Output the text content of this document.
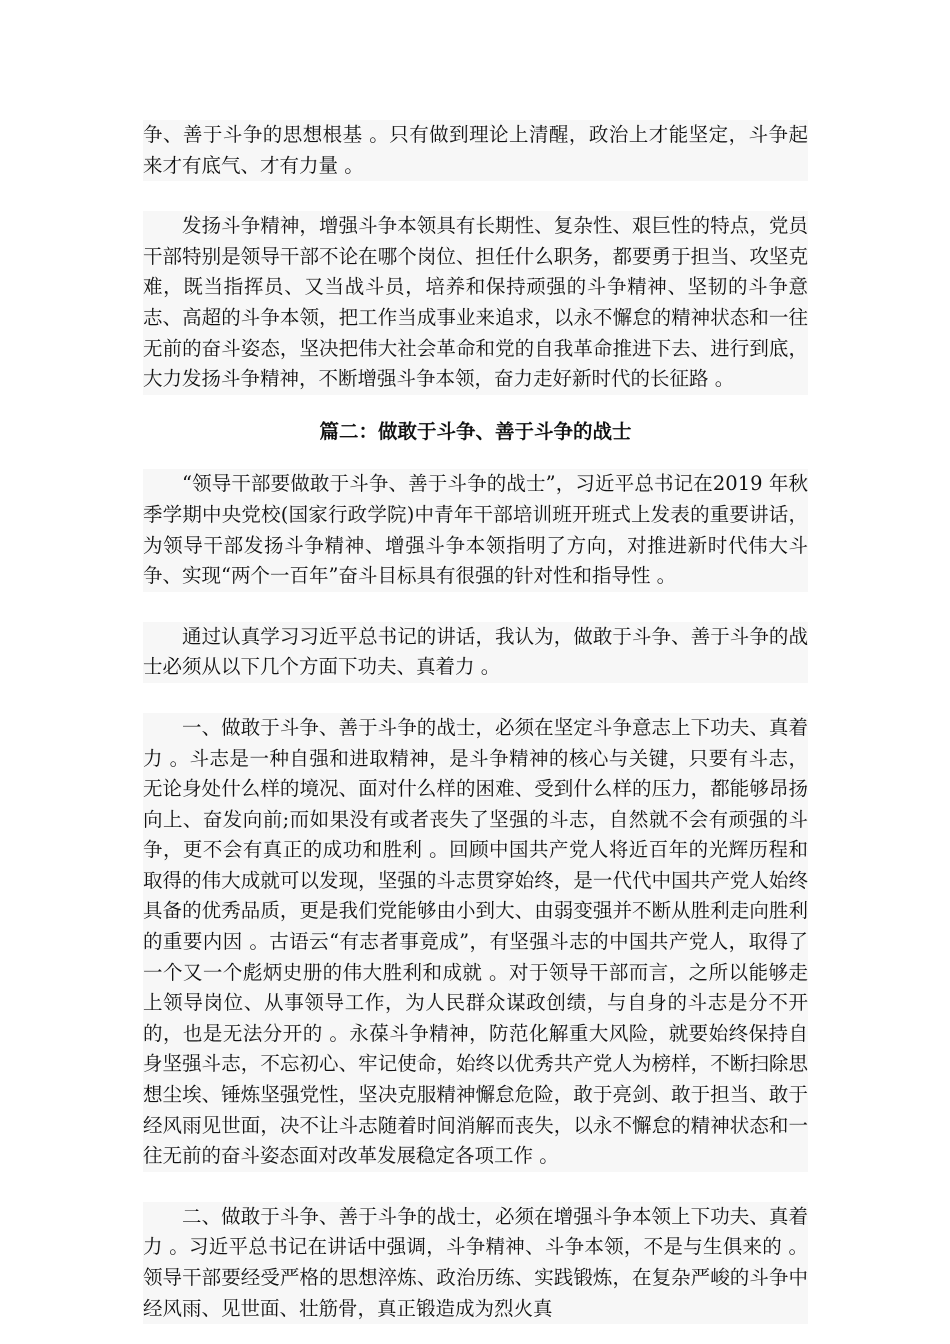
争、善于斗争的思想根基 。只有做到理论上清醒，政治上才能坚定，斗争起来才有底气、才有力量 。

发扬斗争精神，增强斗争本领具有长期性、复杂性、艰巨性的特点，党员干部特别是领导干部不论在哪个岗位、担任什么职务，都要勇于担当、攻坚克难，既当指挥员、又当战斗员，培养和保持顽强的斗争精神、坚韧的斗争意志、高超的斗争本领，把工作当成事业来追求，以永不懈怠的精神状态和一往无前的奋斗姿态，坚决把伟大社会革命和党的自我革命推进下去、进行到底，大力发扬斗争精神，不断增强斗争本领，奋力走好新时代的长征路 。

篇二：做敢于斗争、善于斗争的战士

“领导干部要做敢于斗争、善于斗争的战士”，习近平总书记在2019 年秋季学期中央党校(国家行政学院)中青年干部培训班开班式上发表的重要讲话，为领导干部发扬斗争精神、增强斗争本领指明了方向，对推进新时代伟大斗争、实现“两个一百年”奋斗目标具有很强的针对性和指导性 。

通过认真学习习近平总书记的讲话，我认为，做敢于斗争、善于斗争的战士必须从以下几个方面下功夫、真着力 。

一、做敢于斗争、善于斗争的战士，必须在坚定斗争意志上下功夫、真着力 。斗志是一种自强和进取精神，是斗争精神的核心与关键，只要有斗志，无论身处什么样的境况、面对什么样的困难、受到什么样的压力，都能够昂扬向上、奋发向前;而如果没有或者丧失了坚强的斗志，自然就不会有顽强的斗争，更不会有真正的成功和胜利 。回顾中国共产党人将近百年的光辉历程和取得的伟大成就可以发现，坚强的斗志贯穿始终，是一代代中国共产党人始终具备的优秀品质，更是我们党能够由小到大、由弱变强并不断从胜利走向胜利的重要内因 。古语云“有志者事竟成”，有坚强斗志的中国共产党人，取得了一个又一个彪炳史册的伟大胜利和成就 。对于领导干部而言，之所以能够走上领导岗位、从事领导工作，为人民群众谋政创绩，与自身的斗志是分不开的，也是无法分开的 。永葆斗争精神，防范化解重大风险，就要始终保持自身坚强斗志，不忘初心、牢记使命，始终以优秀共产党人为榜样，不断扫除思想尘埃、锤炼坚强党性，坚决克服精神懈怠危险，敢于亮剑、敢于担当、敢于经风雨见世面，决不让斗志随着时间消解而丧失，以永不懈怠的精神状态和一往无前的奋斗姿态面对改革发展稳定各项工作 。

二、做敢于斗争、善于斗争的战士，必须在增强斗争本领上下功夫、真着力 。习近平总书记在讲话中强调，斗争精神、斗争本领，不是与生俱来的 。领导干部要经受严格的思想淬炼、政治历练、实践锻炼，在复杂严峻的斗争中经风雨、见世面、壮筋骨，真正锻造成为烈火真
